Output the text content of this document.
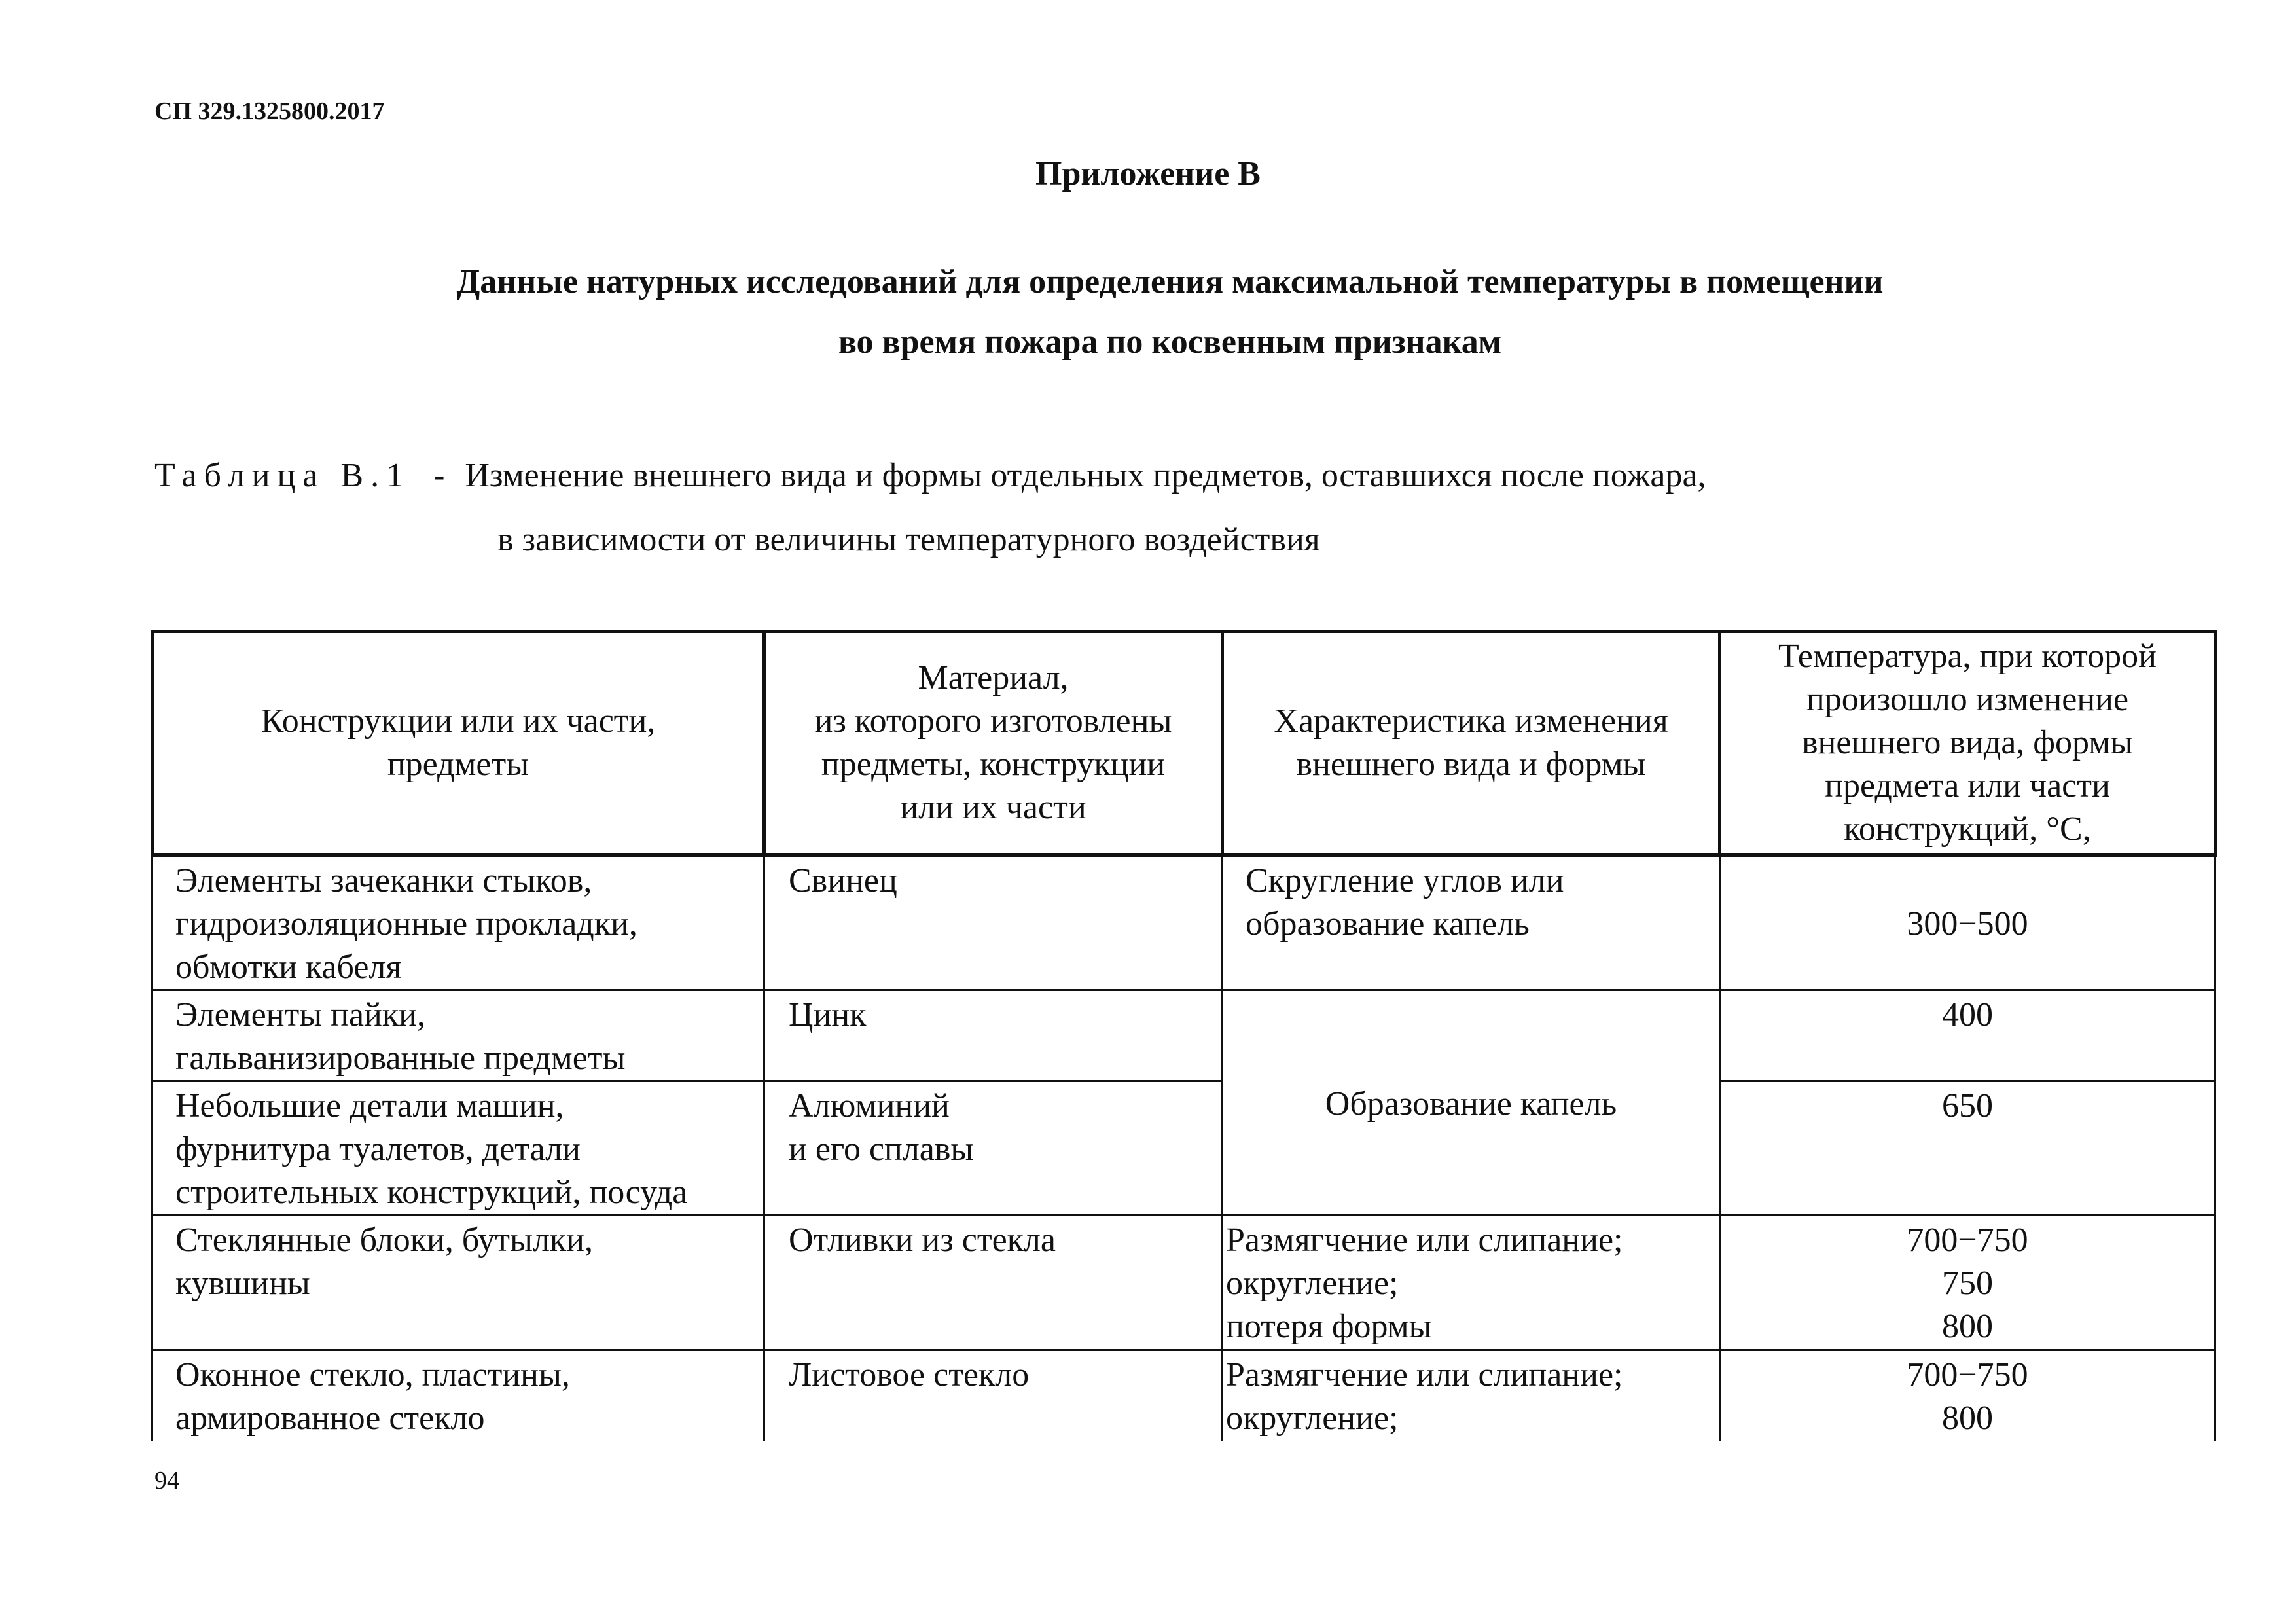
СП 329.1325800.2017
Приложение В
Данные натурных исследований для определения максимальной температуры в помещении
во время пожара по косвенным признакам
Таблица В.1 - Изменение внешнего вида и формы отдельных предметов, оставшихся после пожара,
в зависимости от величины температурного воздействия
Конструкции или их части,
предметы	Материал,
из которого изготовлены
предметы, конструкции
или их части	Характеристика изменения
внешнего вида и формы	Температура, при которой
произошло изменение
внешнего вида, формы
предмета или части
конструкций, °С,

Элементы зачеканки стыков,
гидроизоляционные прокладки,
обмотки кабеля	Свинец	Скругление углов или
образование капель	300−500

Элементы пайки,
гальванизированные предметы	Цинк	Образование капель	400

Небольшие детали машин,
фурнитура туалетов, детали
строительных конструкций, посуда	Алюминий
и его сплавы		650

Стеклянные блоки, бутылки,
кувшины	Отливки из стекла	Размягчение или слипание;
округление;
потеря формы	700−750
750
800

Оконное стекло, пластины,
армированное стекло	Листовое стекло	Размягчение или слипание;
округление;	700−750
800
94
